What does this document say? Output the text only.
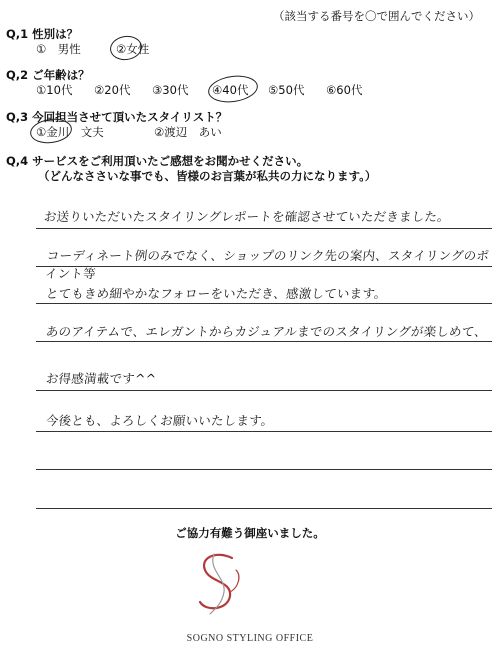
（該当する番号を〇で囲んでください）
Q,1 性別は？
①　男性	②女性
Q,2 ご年齢は？
①10代 ②20代 ③30代 ④40代 ⑤50代 ⑥60代
Q,3 今回担当させて頂いたスタイリスト？
①金川　文夫	②渡辺　あい
Q,4 サービスをご利用頂いたご感想をお聞かせください。
（どんなささいな事でも、皆様のお言葉が私共の力になります。）
お送りいただいたスタイリングレポートを確認させていただきました。
コーディネート例のみでなく、ショップのリンク先の案内、スタイリングのポイント等
とてもきめ細やかなフォローをいただき、感激しています。
あのアイテムで、エレガントからカジュアルまでのスタイリングが楽しめて、
お得感満載です^^
今後とも、よろしくお願いいたします。
ご協力有難う御座いました。
SOGNO STYLING OFFICE
